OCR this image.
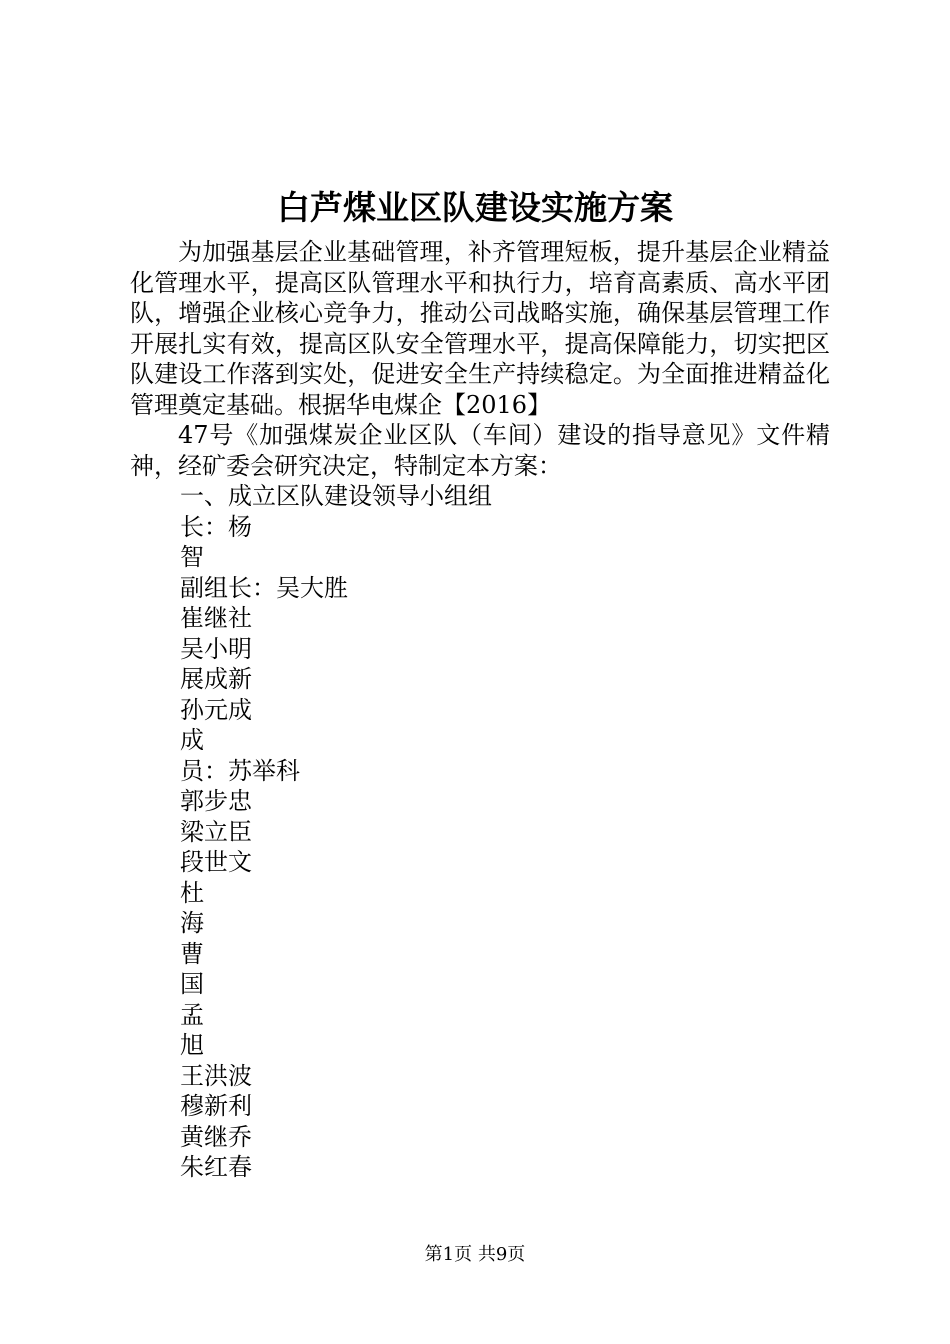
白芦煤业区队建设实施方案

为加强基层企业基础管理，补齐管理短板，提升基层企业精益化管理水平，提高区队管理水平和执行力，培育高素质、高水平团队，增强企业核心竞争力，推动公司战略实施，确保基层管理工作开展扎实有效，提高区队安全管理水平，提高保障能力，切实把区队建设工作落到实处，促进安全生产持续稳定。为全面推进精益化管理奠定基础。根据华电煤企【2016】

47号《加强煤炭企业区队（车间）建设的指导意见》文件精神，经矿委会研究决定，特制定本方案：

一、成立区队建设领导小组组
长：杨
智
副组长：吴大胜
崔继社
吴小明
展成新
孙元成
成
员：苏举科
郭步忠
梁立臣
段世文
杜
海
曹
国
孟
旭
王洪波
穆新利
黄继乔
朱红春
第1页 共9页
